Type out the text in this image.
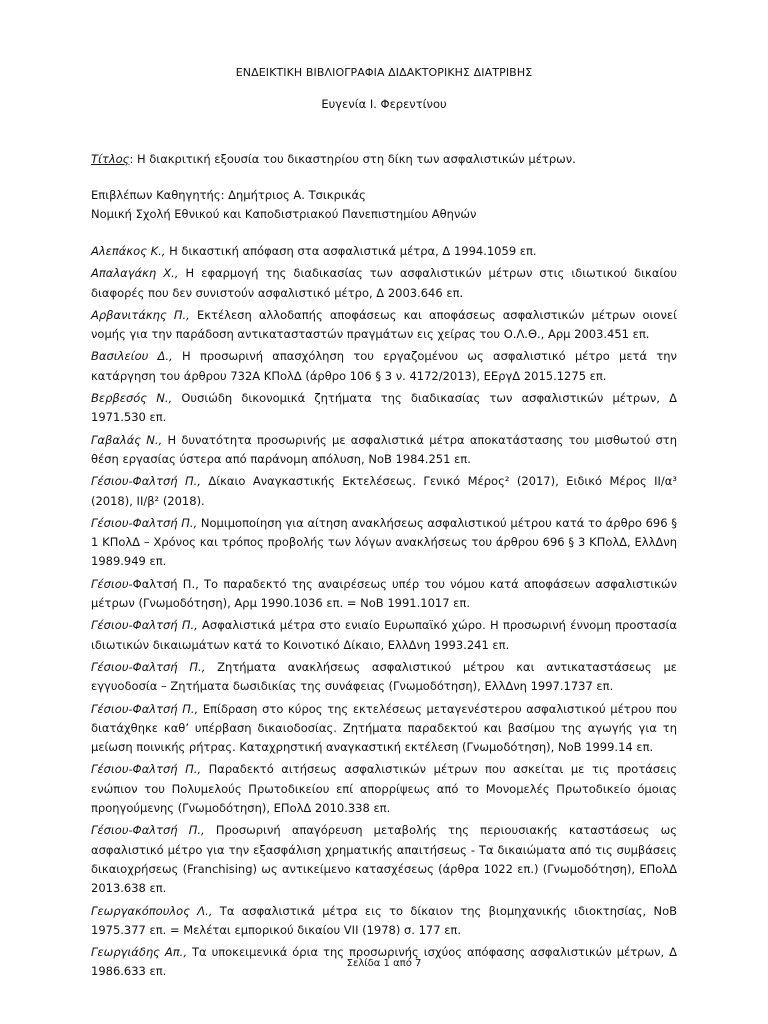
ΕΝΔΕΙΚΤΙΚΗ ΒΙΒΛΙΟΓΡΑΦΙΑ ΔΙΔΑΚΤΟΡΙΚΗΣ ΔΙΑΤΡΙΒΗΣ
Ευγενία Ι. Φερεντίνου
Τίτλος: Η διακριτική εξουσία του δικαστηρίου στη δίκη των ασφαλιστικών μέτρων.
Επιβλέπων Καθηγητής: Δημήτριος Α. Τσικρικάς
Νομική Σχολή Εθνικού και Καποδιστριακού Πανεπιστημίου Αθηνών

Αλεπάκος Κ., Η δικαστική απόφαση στα ασφαλιστικά μέτρα, Δ 1994.1059 επ.

Απαλαγάκη Χ., Η εφαρμογή της διαδικασίας των ασφαλιστικών μέτρων στις ιδιωτικού δικαίου διαφορές που δεν συνιστούν ασφαλιστικό μέτρο, Δ 2003.646 επ.

Αρβανιτάκης Π., Εκτέλεση αλλοδαπής αποφάσεως και αποφάσεως ασφαλιστικών μέτρων οιονεί νομής για την παράδοση αντικατασταστών πραγμάτων εις χείρας του Ο.Λ.Θ., Αρμ 2003.451 επ.

Βασιλείου Δ., Η προσωρινή απασχόληση του εργαζομένου ως ασφαλιστικό μέτρο μετά την κατάργηση του άρθρου 732Α ΚΠολΔ (άρθρο 106 § 3 ν. 4172/2013), ΕΕργΔ 2015.1275 επ.

Βερβεσός Ν., Ουσιώδη δικονομικά ζητήματα της διαδικασίας των ασφαλιστικών μέτρων, Δ 1971.530 επ.

Γαβαλάς Ν., Η δυνατότητα προσωρινής με ασφαλιστικά μέτρα αποκατάστασης του μισθωτού στη θέση εργασίας ύστερα από παράνομη απόλυση, ΝοΒ 1984.251 επ.

Γέσιου-Φαλτσή Π., Δίκαιο Αναγκαστικής Εκτελέσεως. Γενικό Μέρος² (2017), Ειδικό Μέρος ΙΙ/α³ (2018), ΙΙ/β² (2018).

Γέσιου-Φαλτσή Π., Νομιμοποίηση για αίτηση ανακλήσεως ασφαλιστικού μέτρου κατά το άρθρο 696 § 1 ΚΠολΔ – Χρόνος και τρόπος προβολής των λόγων ανακλήσεως του άρθρου 696 § 3 ΚΠολΔ, ΕλλΔνη 1989.949 επ.

Γέσιου-Φαλτσή Π., Το παραδεκτό της αναιρέσεως υπέρ του νόμου κατά αποφάσεων ασφαλιστικών μέτρων (Γνωμοδότηση), Αρμ 1990.1036 επ. = ΝοΒ 1991.1017 επ.

Γέσιου-Φαλτσή Π., Ασφαλιστικά μέτρα στο ενιαίο Ευρωπαϊκό χώρο. Η προσωρινή έννομη προστασία ιδιωτικών δικαιωμάτων κατά το Κοινοτικό Δίκαιο, ΕλλΔνη 1993.241 επ.

Γέσιου-Φαλτσή Π., Ζητήματα ανακλήσεως ασφαλιστικού μέτρου και αντικαταστάσεως με εγγυοδοσία – Ζητήματα δωσιδικίας της συνάφειας (Γνωμοδότηση), ΕλλΔνη 1997.1737 επ.

Γέσιου-Φαλτσή Π., Επίδραση στο κύρος της εκτελέσεως μεταγενέστερου ασφαλιστικού μέτρου που διατάχθηκε καθ’ υπέρβαση δικαιοδοσίας. Ζητήματα παραδεκτού και βασίμου της αγωγής για τη μείωση ποινικής ρήτρας. Καταχρηστική αναγκαστική εκτέλεση (Γνωμοδότηση), ΝοΒ 1999.14 επ.

Γέσιου-Φαλτσή Π., Παραδεκτό αιτήσεως ασφαλιστικών μέτρων που ασκείται με τις προτάσεις ενώπιον του Πολυμελούς Πρωτοδικείου επί απορρίψεως από το Μονομελές Πρωτοδικείο όμοιας προηγούμενης (Γνωμοδότηση), ΕΠολΔ 2010.338 επ.

Γέσιου-Φαλτσή Π., Προσωρινή απαγόρευση μεταβολής της περιουσιακής καταστάσεως ως ασφαλιστικό μέτρο για την εξασφάλιση χρηματικής απαιτήσεως - Τα δικαιώματα από τις συμβάσεις δικαιοχρήσεως (Franchising) ως αντικείμενο κατασχέσεως (άρθρα 1022 επ.) (Γνωμοδότηση), ΕΠολΔ 2013.638 επ.

Γεωργακόπουλος Λ., Τα ασφαλιστικά μέτρα εις το δίκαιον της βιομηχανικής ιδιοκτησίας, ΝοΒ 1975.377 επ. = Μελέται εμπορικού δικαίου VII (1978) σ. 177 επ.

Γεωργιάδης Απ., Τα υποκειμενικά όρια της προσωρινής ισχύος απόφασης ασφαλιστικών μέτρων, Δ 1986.633 επ.

Σελίδα 1 από 7
